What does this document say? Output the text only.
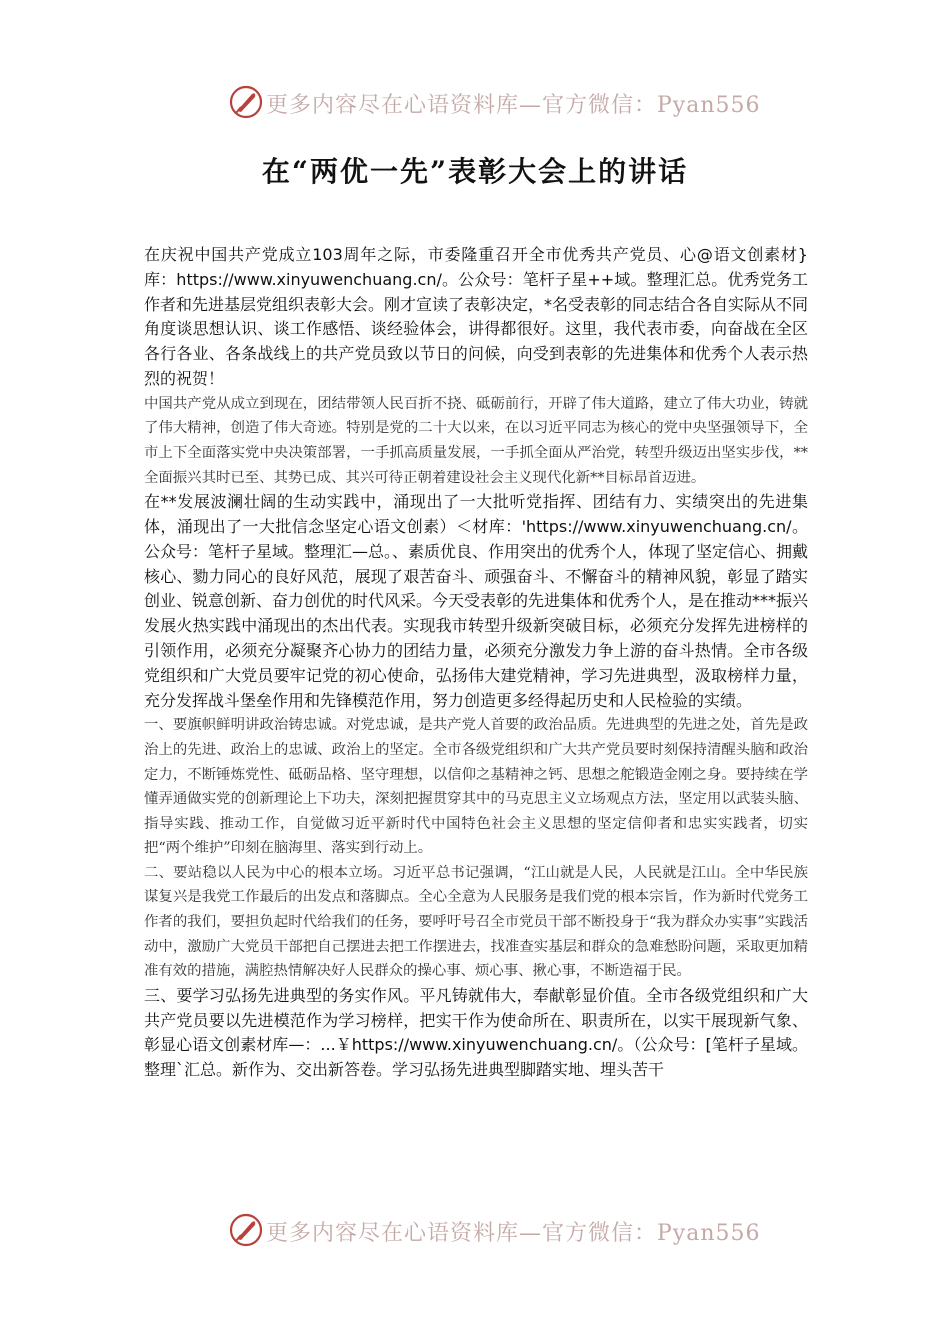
更多内容尽在心语资料库—官方微信：Pyan556
在“两优一先”表彰大会上的讲话

在庆祝中国共产党成立103周年之际，市委隆重召开全市优秀共产党员、心@语文创素材}库：https://www.xinyuwenchuang.cn/。公众号：笔杆子星++域。整理汇总。优秀党务工作者和先进基层党组织表彰大会。刚才宣读了表彰决定，*名受表彰的同志结合各自实际从不同角度谈思想认识、谈工作感悟、谈经验体会，讲得都很好。这里，我代表市委，向奋战在全区各行各业、各条战线上的共产党员致以节日的问候，向受到表彰的先进集体和优秀个人表示热烈的祝贺！

中国共产党从成立到现在，团结带领人民百折不挠、砥砺前行，开辟了伟大道路，建立了伟大功业，铸就了伟大精神，创造了伟大奇迹。特别是党的二十大以来，在以习近平同志为核心的党中央坚强领导下，全市上下全面落实党中央决策部署，一手抓高质量发展，一手抓全面从严治党，转型升级迈出坚实步伐，**全面振兴其时已至、其势已成、其兴可待正朝着建设社会主义现代化新**目标昂首迈进。

在**发展波澜壮阔的生动实践中，涌现出了一大批听党指挥、团结有力、实绩突出的先进集体，涌现出了一大批信念坚定心语文创素）＜材库：'https://www.xinyuwenchuang.cn/。公众号：笔杆子星域。整理汇—总。、素质优良、作用突出的优秀个人，体现了坚定信心、拥戴核心、勠力同心的良好风范，展现了艰苦奋斗、顽强奋斗、不懈奋斗的精神风貌，彰显了踏实创业、锐意创新、奋力创优的时代风采。今天受表彰的先进集体和优秀个人，是在推动***振兴发展火热实践中涌现出的杰出代表。实现我市转型升级新突破目标，必须充分发挥先进榜样的引领作用，必须充分凝聚齐心协力的团结力量，必须充分激发力争上游的奋斗热情。全市各级党组织和广大党员要牢记党的初心使命，弘扬伟大建党精神，学习先进典型，汲取榜样力量，充分发挥战斗堡垒作用和先锋模范作用，努力创造更多经得起历史和人民检验的实绩。

一、要旗帜鲜明讲政治铸忠诚。对党忠诚，是共产党人首要的政治品质。先进典型的先进之处，首先是政治上的先进、政治上的忠诚、政治上的坚定。全市各级党组织和广大共产党员要时刻保持清醒头脑和政治定力，不断锤炼党性、砥砺品格、坚守理想，以信仰之基精神之钙、思想之舵锻造金刚之身。要持续在学懂弄通做实党的创新理论上下功夫，深刻把握贯穿其中的马克思主义立场观点方法，坚定用以武装头脑、指导实践、推动工作，自觉做习近平新时代中国特色社会主义思想的坚定信仰者和忠实实践者，切实把“两个维护”印刻在脑海里、落实到行动上。

二、要站稳以人民为中心的根本立场。习近平总书记强调，“江山就是人民，人民就是江山。全中华民族谋复兴是我党工作最后的出发点和落脚点。全心全意为人民服务是我们党的根本宗旨，作为新时代党务工作者的我们，要担负起时代给我们的任务，要呼吁号召全市党员干部不断投身于“我为群众办实事”实践活动中，激励广大党员干部把自己摆进去把工作摆进去，找准查实基层和群众的急难愁盼问题，采取更加精准有效的措施，满腔热情解决好人民群众的操心事、烦心事、揪心事，不断造福于民。

三、要学习弘扬先进典型的务实作风。平凡铸就伟大，奉献彰显价值。全市各级党组织和广大共产党员要以先进模范作为学习榜样，把实干作为使命所在、职责所在，以实干展现新气象、彰显心语文创素材库—：...￥https://www.xinyuwenchuang.cn/。（公众号：[笔杆子星域。整理`汇总。新作为、交出新答卷。学习弘扬先进典型脚踏实地、埋头苦干

更多内容尽在心语资料库—官方微信：Pyan556
